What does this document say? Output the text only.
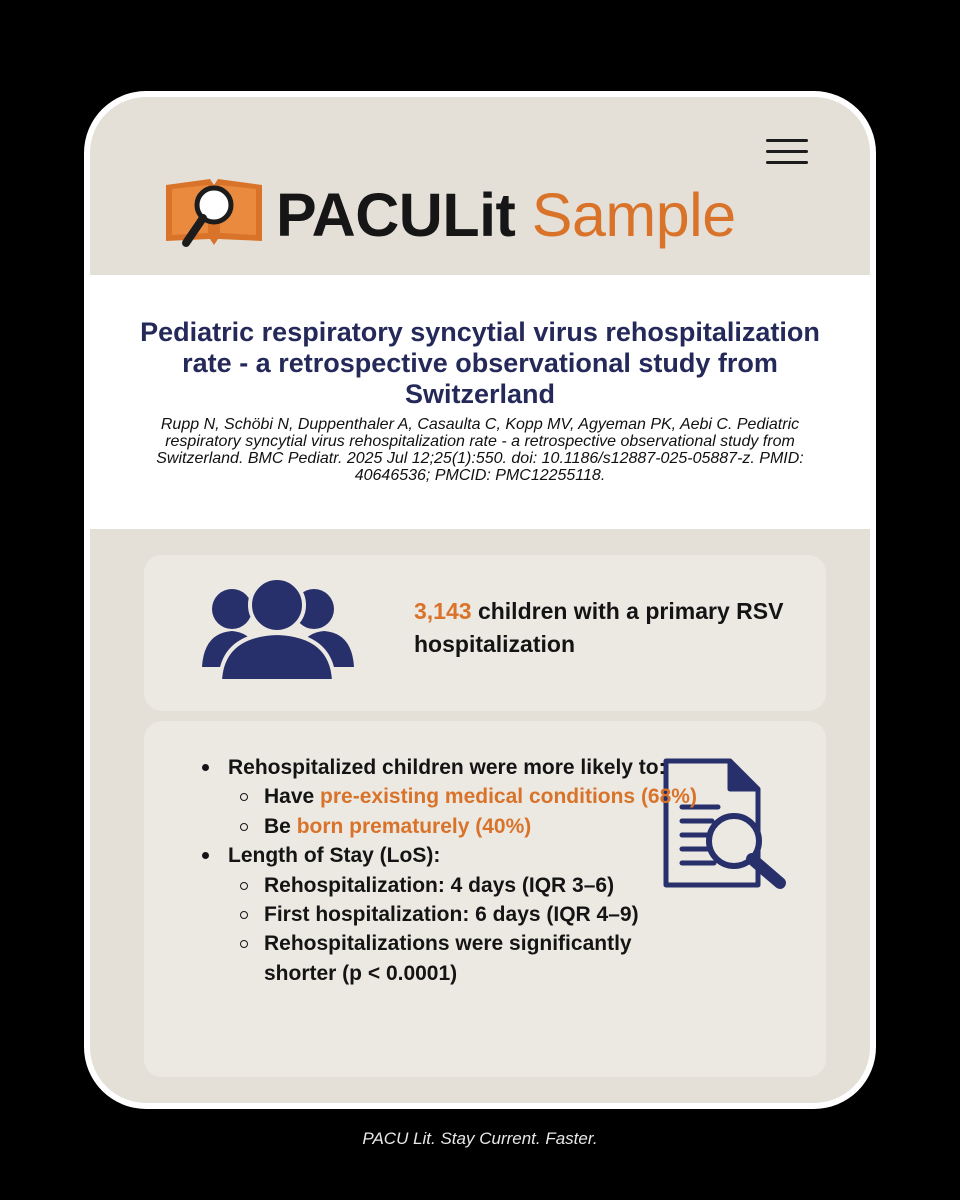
PACULit Sample
Pediatric respiratory syncytial virus rehospitalization rate - a retrospective observational study from Switzerland
Rupp N, Schöbi N, Duppenthaler A, Casaulta C, Kopp MV, Agyeman PK, Aebi C. Pediatric respiratory syncytial virus rehospitalization rate - a retrospective observational study from Switzerland. BMC Pediatr. 2025 Jul 12;25(1):550. doi: 10.1186/s12887-025-05887-z. PMID: 40646536; PMCID: PMC12255118.
3,143 children with a primary RSV hospitalization
Rehospitalized children were more likely to:
Have pre-existing medical conditions (68%)
Be born prematurely (40%)
Length of Stay (LoS):
Rehospitalization: 4 days (IQR 3–6)
First hospitalization: 6 days (IQR 4–9)
Rehospitalizations were significantly shorter (p < 0.0001)
PACU Lit. Stay Current. Faster.
